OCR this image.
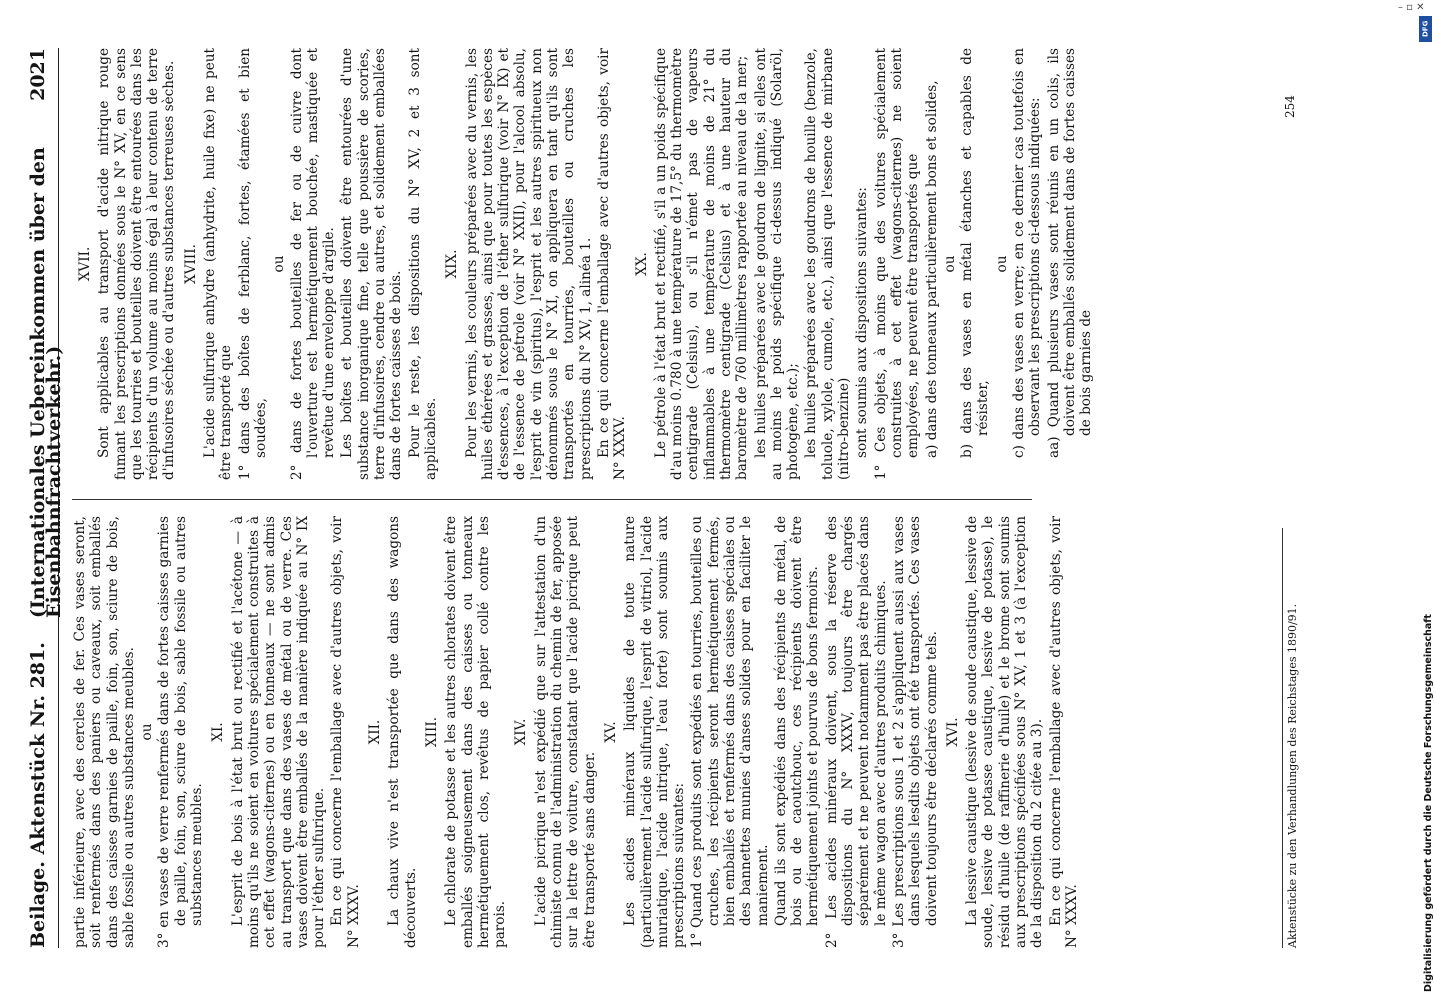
– ▫ ✕
Beilage. Aktenstück Nr. 281.
(Internationales Uebereinkommen über den Eisenbahnfrachtverkehr.)
2021

partie inférieure, avec des cercles de fer. Ces vases seront, soit renfermés dans des paniers ou caveaux, soit emballés dans des caisses garnies de paille, foin, son, sciure de bois, sable fossile ou autres substances meubles. ou 3° en vases de verre renfermés dans de fortes caisses garnies de paille, foin, son, sciure de bois, sable fossile ou autres substances meubles.

XI. L'esprit de bois à l'état brut ou rectifié et l'acétone — à moins qu'ils ne soient en voitures spécialement construites à cet effet (wagons-citernes) ou en tonneaux — ne sont admis au transport que dans des vases de métal ou de verre. Ces vases doivent être emballés de la manière indiquée au N° IX pour l'éther sulfurique. En ce qui concerne l'emballage avec d'autres objets, voir N° XXXV.

XII. La chaux vive n'est transportée que dans des wagons découverts.

XIII. Le chlorate de potasse et les autres chlorates doivent être emballés soigneusement dans des caisses ou tonneaux hermétiquement clos, revêtus de papier collé contre les parois.

XIV. L'acide picrique n'est expédié que sur l'attestation d'un chimiste connu de l'administration du chemin de fer, apposée sur la lettre de voiture, constatant que l'acide picrique peut être transporté sans danger.

XV. Les acides minéraux liquides de toute nature (particulièrement l'acide sulfurique, l'esprit de vitriol, l'acide muriatique, l'acide nitrique, l'eau forte) sont soumis aux prescriptions suivantes: 1° Quand ces produits sont expédiés en tourries, bouteilles ou cruches, les récipients seront hermétiquement fermés, bien emballés et renfermés dans des caisses spéciales ou des bannettes munies d'anses solides pour en faciliter le maniement. Quand ils sont expédiés dans des récipients de métal, de bois ou de caoutchouc, ces récipients doivent être hermétiquement joints et pourvus de bons fermoirs. 2° Les acides minéraux doivent, sous la réserve des dispositions du N° XXXV, toujours être chargés séparément et ne peuvent notamment pas être placés dans le même wagon avec d'autres produits chimiques. 3° Les prescriptions sous 1 et 2 s'appliquent aussi aux vases dans lesquels lesdits objets ont été transportés. Ces vases doivent toujours être déclarés comme tels. XVI. La lessive caustique (lessive de soude caustique, lessive de soude, lessive de potasse caustique, lessive de potasse), le résidu d'huile (de raffinerie d'huile) et le brome sont soumis aux prescriptions spécifiées sous N° XV, 1 et 3 (à l'exception de la disposition du 2 citée au 3). En ce qui concerne l'emballage avec d'autres objets, voir N° XXXV.

XVII. Sont applicables au transport d'acide nitrique rouge fumant les prescriptions données sous le N° XV, en ce sens que les tourries et bouteilles doivent être entourées dans les récipients d'un volume au moins égal à leur contenu de terre d'infusoires séchée ou d'autres substances terreuses sèches. XVIII. L'acide sulfurique anhydre (anhydrite, huile fixe) ne peut être transporté que 1° dans des boîtes de ferblanc, fortes, étamées et bien soudées,

ou 2° dans de fortes bouteilles de fer ou de cuivre dont l'ouverture est hermétiquement bouchée, mastiquée et revêtue d'une enveloppe d'argile. Les boîtes et bouteilles doivent être entourées d'une substance inorganique fine, telle que poussière de scories, terre d'infusoires, cendre ou autres, et solidement emballées dans de fortes caisses de bois. Pour le reste, les dispositions du N° XV, 2 et 3 sont applicables.

XIX. Pour les vernis, les couleurs préparées avec du vernis, les huiles éthérées et grasses, ainsi que pour toutes les espèces d'essences, à l'exception de l'éther sulfurique (voir N° IX) et de l'essence de pétrole (voir N° XXII), pour l'alcool absolu, l'esprit de vin (spiritus), l'esprit et les autres spiritueux non dénommés sous le N° XI, on appliquera en tant qu'ils sont transportés en tourries, bouteilles ou cruches les prescriptions du N° XV, 1, alinéa 1. En ce qui concerne l'emballage avec d'autres objets, voir N° XXXV.

XX. Le pétrole à l'état brut et rectifié, s'il a un poids spécifique d'au moins 0.780 à une température de 17,5° du thermomètre centigrade (Celsius), ou s'il n'émet pas de vapeurs inflammables à une température de moins de 21° du thermomètre centigrade (Celsius) et à une hauteur du baromètre de 760 millimètres rapportée au niveau de la mer; les huiles préparées avec le goudron de lignite, si elles ont au moins le poids spécifique ci-dessus indiqué (Solaröl, photogène, etc.); les huiles préparées avec les goudrons de houille (benzole, toluole, xylole, cumole, etc.), ainsi que l'essence de mirbane (nitro-benzine) sont soumis aux dispositions suivantes: 1° Ces objets, à moins que des voitures spécialement construites à cet effet (wagons-citernes) ne soient employées, ne peuvent être transportés que a) dans des tonneaux particulièrement bons et solides, ou b) dans des vases en métal étanches et capables de résister,

ou c) dans des vases en verre; en ce dernier cas toutefois en observant les prescriptions ci-dessous indiquées: aa) Quand plusieurs vases sont réunis en un colis, ils doivent être emballés solidement dans de fortes caisses de bois garnies de

Aktenstücke zu den Verhandlungen des Reichstages 1890/91.
254
DFG
Digitalisierung gefördert durch die Deutsche Forschungsgemeinschaft
